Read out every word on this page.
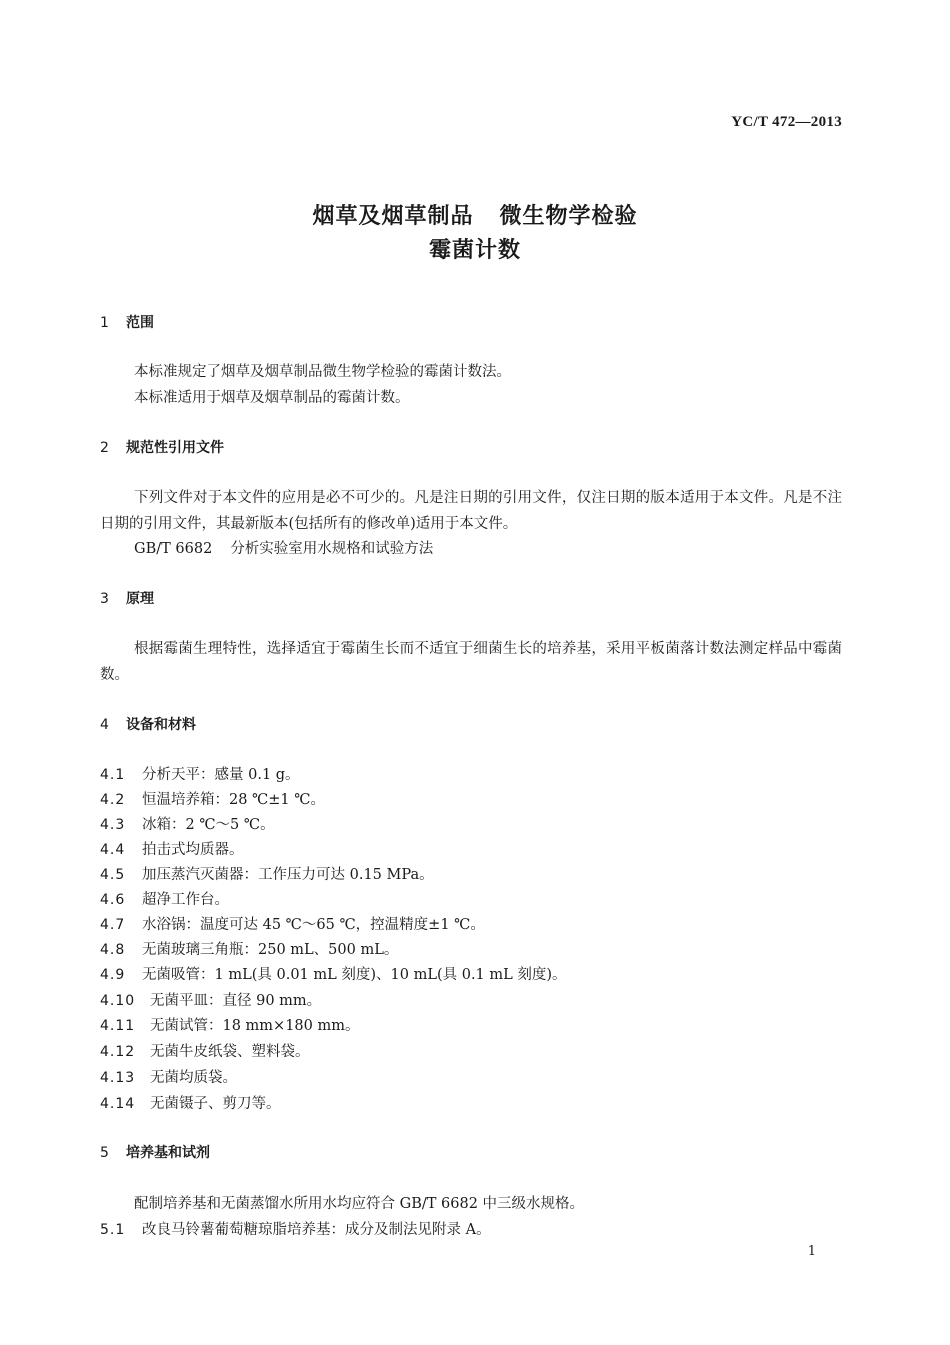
YC/T 472—2013
烟草及烟草制品 微生物学检验
霉菌计数
1 范围
本标准规定了烟草及烟草制品微生物学检验的霉菌计数法。
本标准适用于烟草及烟草制品的霉菌计数。
2 规范性引用文件
下列文件对于本文件的应用是必不可少的。凡是注日期的引用文件，仅注日期的版本适用于本文件。凡是不注日期的引用文件，其最新版本(包括所有的修改单)适用于本文件。
GB/T 6682 分析实验室用水规格和试验方法
3 原理
根据霉菌生理特性，选择适宜于霉菌生长而不适宜于细菌生长的培养基，采用平板菌落计数法测定样品中霉菌数。
4 设备和材料
4.1 分析天平：感量 0.1 g。
4.2 恒温培养箱：28 ℃±1 ℃。
4.3 冰箱：2 ℃～5 ℃。
4.4 拍击式均质器。
4.5 加压蒸汽灭菌器：工作压力可达 0.15 MPa。
4.6 超净工作台。
4.7 水浴锅：温度可达 45 ℃～65 ℃，控温精度±1 ℃。
4.8 无菌玻璃三角瓶：250 mL、500 mL。
4.9 无菌吸管：1 mL(具 0.01 mL 刻度)、10 mL(具 0.1 mL 刻度)。
4.10 无菌平皿：直径 90 mm。
4.11 无菌试管：18 mm×180 mm。
4.12 无菌牛皮纸袋、塑料袋。
4.13 无菌均质袋。
4.14 无菌镊子、剪刀等。
5 培养基和试剂
配制培养基和无菌蒸馏水所用水均应符合 GB/T 6682 中三级水规格。
5.1 改良马铃薯葡萄糖琼脂培养基：成分及制法见附录 A。
1
